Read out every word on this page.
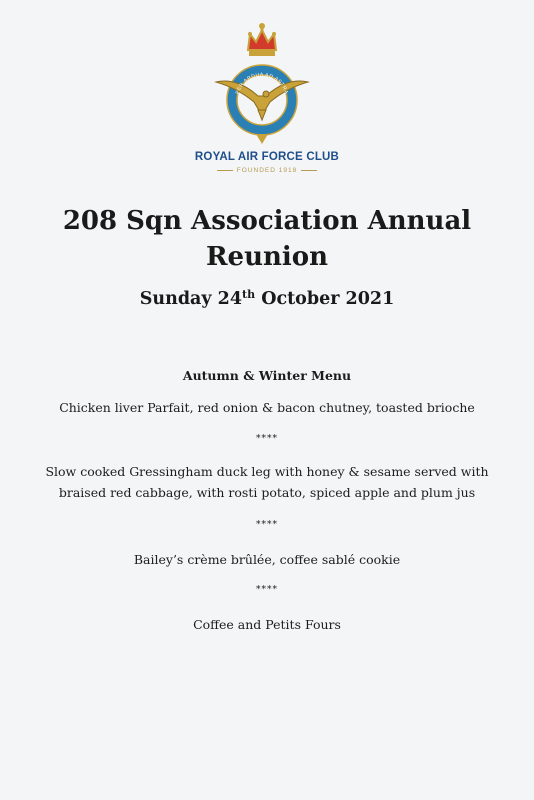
PER ARDUA AD ASTRA
ROYAL AIR FORCE CLUB
FOUNDED 1918
208 Sqn Association Annual Reunion
Sunday 24th October 2021
Autumn & Winter Menu
Chicken liver Parfait, red onion & bacon chutney, toasted brioche
****
Slow cooked Gressingham duck leg with honey & sesame served with braised red cabbage, with rosti potato, spiced apple and plum jus
****
Bailey’s crème brûlée, coffee sablé cookie
****
Coffee and Petits Fours
